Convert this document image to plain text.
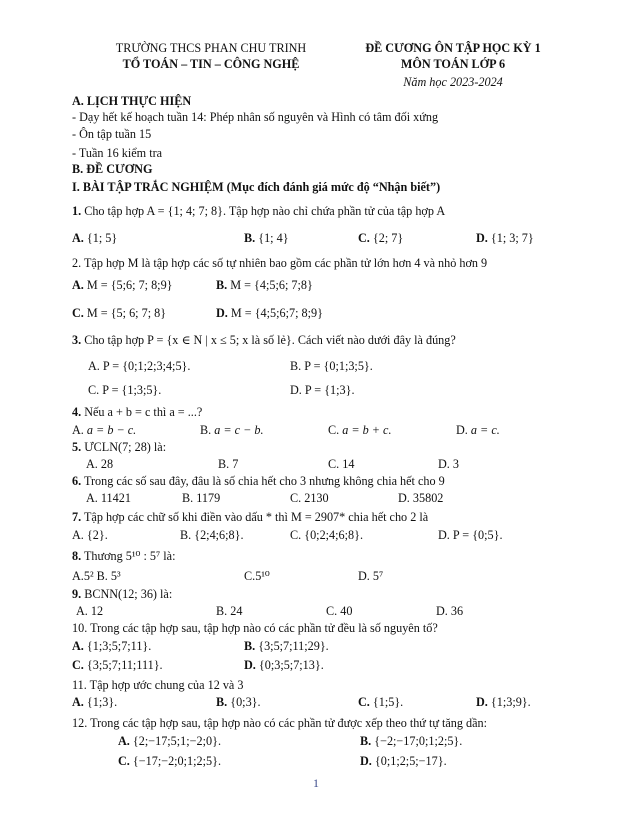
TRƯỜNG THCS PHAN CHU TRINH
TỔ TOÁN – TIN – CÔNG NGHỆ
ĐỀ CƯƠNG ÔN TẬP HỌC KỲ 1
MÔN TOÁN LỚP 6
Năm học 2023-2024
A. LỊCH THỰC HIỆN
- Dạy hết kế hoạch tuần 14: Phép nhân số nguyên và Hình có tâm đối xứng
- Ôn tập tuần 15
- Tuần 16 kiểm tra
B. ĐỀ CƯƠNG
I. BÀI TẬP TRẮC NGHIỆM (Mục đích đánh giá mức độ “Nhận biết”)
1. Cho tập hợp A = {1; 4; 7; 8}. Tập hợp nào chỉ chứa phần tử của tập hợp A
A. {1; 5}	B. {1; 4}	C. {2; 7}	D. {1; 3; 7}
2. Tập hợp M là tập hợp các số tự nhiên bao gồm các phần tử lớn hơn 4 và nhỏ hơn 9
A. M = {5;6; 7; 8;9}	B. M = {4;5;6; 7;8}
C. M = {5; 6; 7; 8}	D. M = {4;5;6;7; 8;9}
3. Cho tập hợp P = {x ∈ N | x ≤ 5; x là số lẻ}. Cách viết nào dưới đây là đúng?
A. P = {0;1;2;3;4;5}.	B. P = {0;1;3;5}.
C. P = {1;3;5}.	D. P = {1;3}.
4. Nếu a + b = c thì a = ...?
A. a = b − c.	B. a = c − b.	C. a = b + c.	D. a = c.
5. ƯCLN(7; 28) là:
A. 28	B. 7	C. 14	D. 3
6. Trong các số sau đây, đâu là số chia hết cho 3 nhưng không chia hết cho 9
A. 11421	B. 1179	C. 2130	D. 35802
7. Tập hợp các chữ số khi điền vào dấu * thì M = 2907* chia hết cho 2 là
A. {2}.	B. {2;4;6;8}.	C. {0;2;4;6;8}.	D. P = {0;5}.
8. Thương 5¹⁰ : 5⁷ là:
A.5² B. 5³	C.5¹⁰	D. 5⁷
9. BCNN(12; 36) là:
A. 12	B. 24	C. 40	D. 36
10. Trong các tập hợp sau, tập hợp nào có các phần tử đều là số nguyên tố?
A. {1;3;5;7;11}.	B. {3;5;7;11;29}.
C. {3;5;7;11;111}.	D. {0;3;5;7;13}.
11. Tập hợp ước chung của 12 và 3
A. {1;3}.	B. {0;3}.	C. {1;5}.	D. {1;3;9}.
12. Trong các tập hợp sau, tập hợp nào có các phần tử được xếp theo thứ tự tăng dần:
A. {2;−17;5;1;−2;0}.	B. {−2;−17;0;1;2;5}.
C. {−17;−2;0;1;2;5}.	D. {0;1;2;5;−17}.
1
